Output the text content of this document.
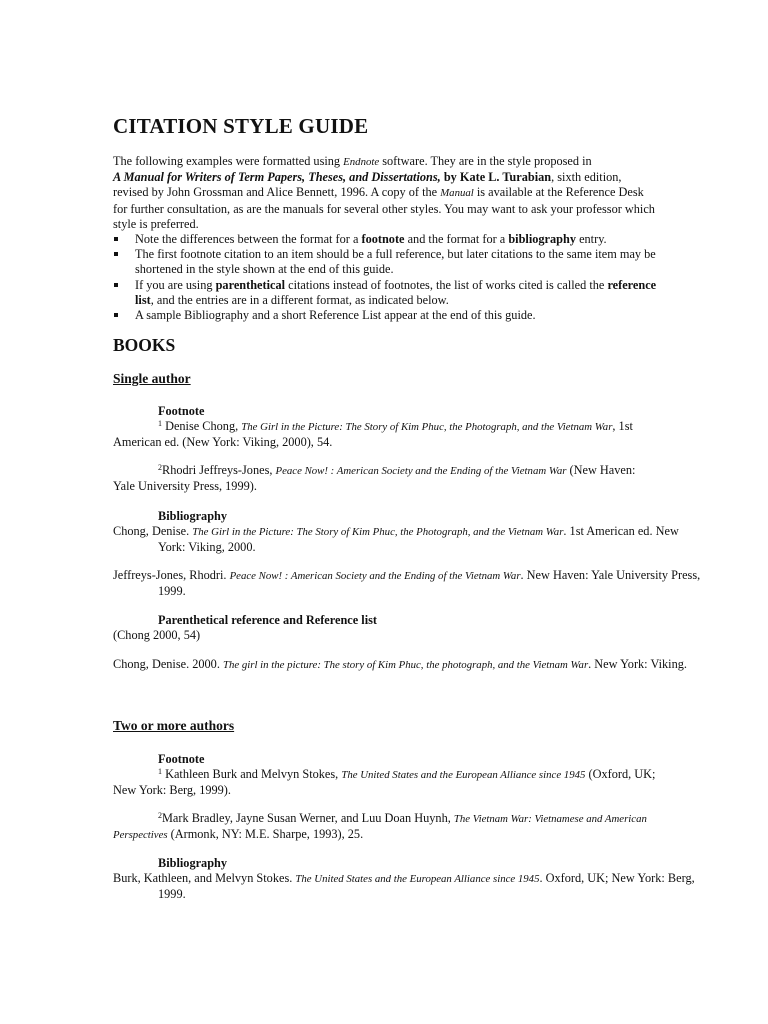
CITATION STYLE GUIDE
The following examples were formatted using Endnote software. They are in the style proposed in
A Manual for Writers of Term Papers, Theses, and Dissertations, by Kate L. Turabian, sixth edition, revised by John Grossman and Alice Bennett, 1996. A copy of the Manual is available at the Reference Desk for further consultation, as are the manuals for several other styles. You may want to ask your professor which style is preferred.
Note the differences between the format for a footnote and the format for a bibliography entry.
The first footnote citation to an item should be a full reference, but later citations to the same item may be shortened in the style shown at the end of this guide.
If you are using parenthetical citations instead of footnotes, the list of works cited is called the reference list, and the entries are in a different format, as indicated below.
A sample Bibliography and a short Reference List appear at the end of this guide.
BOOKS
Single author
Footnote
$^1$ Denise Chong, The Girl in the Picture: The Story of Kim Phuc, the Photograph, and the Vietnam War, 1st American ed. (New York: Viking, 2000), 54.
$^2$Rhodri Jeffreys-Jones, Peace Now! : American Society and the Ending of the Vietnam War (New Haven: Yale University Press, 1999).
Bibliography
Chong, Denise. The Girl in the Picture: The Story of Kim Phuc, the Photograph, and the Vietnam War. 1st American ed. New York: Viking, 2000.
Jeffreys-Jones, Rhodri. Peace Now! : American Society and the Ending of the Vietnam War. New Haven: Yale University Press, 1999.
Parenthetical reference and Reference list
(Chong 2000, 54)
Chong, Denise. 2000. The girl in the picture: The story of Kim Phuc, the photograph, and the Vietnam War. New York: Viking.
Two or more authors
Footnote
$^1$ Kathleen Burk and Melvyn Stokes, The United States and the European Alliance since 1945 (Oxford, UK; New York: Berg, 1999).
$^2$Mark Bradley, Jayne Susan Werner, and Luu Doan Huynh, The Vietnam War: Vietnamese and American Perspectives (Armonk, NY: M.E. Sharpe, 1993), 25.
Bibliography
Burk, Kathleen, and Melvyn Stokes. The United States and the European Alliance since 1945. Oxford, UK; New York: Berg, 1999.
